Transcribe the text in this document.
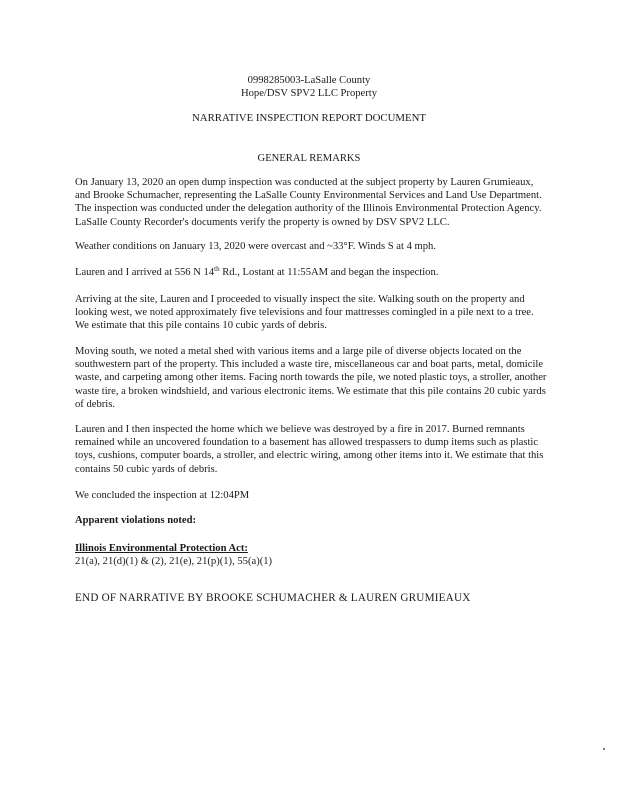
0998285003-LaSalle County
Hope/DSV SPV2 LLC Property
NARRATIVE INSPECTION REPORT DOCUMENT
GENERAL REMARKS

On January 13, 2020 an open dump inspection was conducted at the subject property by Lauren Grumieaux,
and Brooke Schumacher, representing the LaSalle County Environmental Services and Land Use Department.
The inspection was conducted under the delegation authority of the Illinois Environmental Protection Agency.
LaSalle County Recorder's documents verify the property is owned by DSV SPV2 LLC.

Weather conditions on January 13, 2020 were overcast and ~33°F. Winds S at 4 mph.

Lauren and I arrived at 556 N 14th Rd., Lostant at 11:55AM and began the inspection.

Arriving at the site, Lauren and I proceeded to visually inspect the site. Walking south on the property and
looking west, we noted approximately five televisions and four mattresses comingled in a pile next to a tree.
We estimate that this pile contains 10 cubic yards of debris.

Moving south, we noted a metal shed with various items and a large pile of diverse objects located on the
southwestern part of the property. This included a waste tire, miscellaneous car and boat parts, metal, domicile
waste, and carpeting among other items. Facing north towards the pile, we noted plastic toys, a stroller, another
waste tire, a broken windshield, and various electronic items. We estimate that this pile contains 20 cubic yards
of debris.

Lauren and I then inspected the home which we believe was destroyed by a fire in 2017. Burned remnants
remained while an uncovered foundation to a basement has allowed trespassers to dump items such as plastic
toys, cushions, computer boards, a stroller, and electric wiring, among other items into it. We estimate that this
contains 50 cubic yards of debris.

We concluded the inspection at 12:04PM

Apparent violations noted:
Illinois Environmental Protection Act:
21(a), 21(d)(1) & (2), 21(e), 21(p)(1), 55(a)(1)
END OF NARRATIVE BY BROOKE SCHUMACHER & LAUREN GRUMIEAUX
